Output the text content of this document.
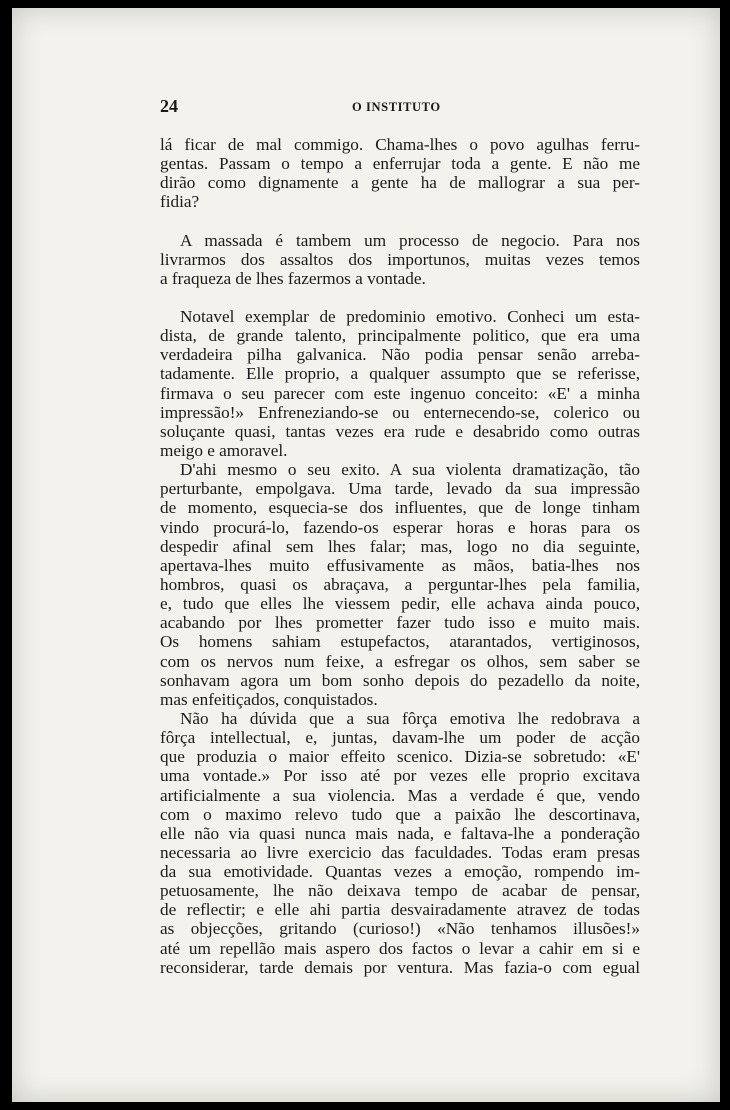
24	O INSTITUTO
lá ficar de mal commigo. Chama-lhes o povo agulhas ferru-
gentas. Passam o tempo a enferrujar toda a gente. E não me
dirão como dignamente a gente ha de mallograr a sua per-
fidia?
A massada é tambem um processo de negocio. Para nos
livrarmos dos assaltos dos importunos, muitas vezes temos
a fraqueza de lhes fazermos a vontade.
Notavel exemplar de predominio emotivo. Conheci um esta-
dista, de grande talento, principalmente politico, que era uma
verdadeira pilha galvanica. Não podia pensar senão arreba-
tadamente. Elle proprio, a qualquer assumpto que se referisse,
firmava o seu parecer com este ingenuo conceito: «E' a minha
impressão!» Enfreneziando-se ou enternecendo-se, colerico ou
soluçante quasi, tantas vezes era rude e desabrido como outras
meigo e amoravel.
D'ahi mesmo o seu exito. A sua violenta dramatização, tão
perturbante, empolgava. Uma tarde, levado da sua impressão
de momento, esquecia-se dos influentes, que de longe tinham
vindo procurá-lo, fazendo-os esperar horas e horas para os
despedir afinal sem lhes falar; mas, logo no dia seguinte,
apertava-lhes muito effusivamente as mãos, batia-lhes nos
hombros, quasi os abraçava, a perguntar-lhes pela familia,
e, tudo que elles lhe viessem pedir, elle achava ainda pouco,
acabando por lhes prometter fazer tudo isso e muito mais.
Os homens sahiam estupefactos, atarantados, vertiginosos,
com os nervos num feixe, a esfregar os olhos, sem saber se
sonhavam agora um bom sonho depois do pezadello da noite,
mas enfeitiçados, conquistados.
Não ha dúvida que a sua fôrça emotiva lhe redobrava a
fôrça intellectual, e, juntas, davam-lhe um poder de acção
que produzia o maior effeito scenico. Dizia-se sobretudo: «E'
uma vontade.» Por isso até por vezes elle proprio excitava
artificialmente a sua violencia. Mas a verdade é que, vendo
com o maximo relevo tudo que a paixão lhe descortinava,
elle não via quasi nunca mais nada, e faltava-lhe a ponderação
necessaria ao livre exercicio das faculdades. Todas eram presas
da sua emotividade. Quantas vezes a emoção, rompendo im-
petuosamente, lhe não deixava tempo de acabar de pensar,
de reflectir; e elle ahi partia desvairadamente atravez de todas
as objecções, gritando (curioso!) «Não tenhamos illusões!»
até um repellão mais aspero dos factos o levar a cahir em si e
reconsiderar, tarde demais por ventura. Mas fazia-o com egual
